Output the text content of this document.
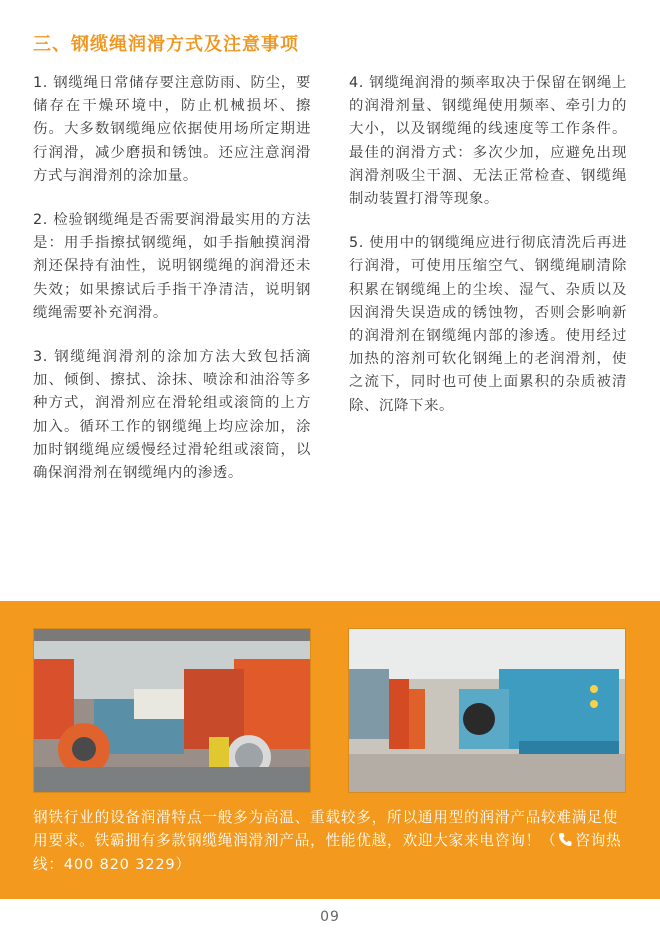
三、钢缆绳润滑方式及注意事项

1. 钢缆绳日常储存要注意防雨、防尘，要储存在干燥环境中，防止机械损坏、擦伤。大多数钢缆绳应依据使用场所定期进行润滑，减少磨损和锈蚀。还应注意润滑方式与润滑剂的涂加量。

2. 检验钢缆绳是否需要润滑最实用的方法是：用手指擦拭钢缆绳，如手指触摸润滑剂还保持有油性，说明钢缆绳的润滑还未失效；如果擦试后手指干净清洁，说明钢缆绳需要补充润滑。

3. 钢缆绳润滑剂的涂加方法大致包括滴加、倾倒、擦拭、涂抹、喷涂和油浴等多种方式，润滑剂应在滑轮组或滚筒的上方加入。循环工作的钢缆绳上均应涂加，涂加时钢缆绳应缓慢经过滑轮组或滚筒，以确保润滑剂在钢缆绳内的渗透。

4. 钢缆绳润滑的频率取决于保留在钢绳上的润滑剂量、钢缆绳使用频率、牵引力的大小，以及钢缆绳的线速度等工作条件。最佳的润滑方式：多次少加，应避免出现润滑剂吸尘干涸、无法正常检查、钢缆绳制动装置打滑等现象。

5. 使用中的钢缆绳应进行彻底清洗后再进行润滑，可使用压缩空气、钢缆绳刷清除积累在钢缆绳上的尘埃、湿气、杂质以及因润滑失误造成的锈蚀物，否则会影响新的润滑剂在钢缆绳内部的渗透。使用经过加热的溶剂可软化钢绳上的老润滑剂，使之流下，同时也可使上面累积的杂质被清除、沉降下来。

钢铁行业的设备润滑特点一般多为高温、重载较多，所以通用型的润滑产品较难满足使用要求。铁霸拥有多款钢缆绳润滑剂产品，性能优越，欢迎大家来电咨询！（ 咨询热线：400 820 3229）
09
